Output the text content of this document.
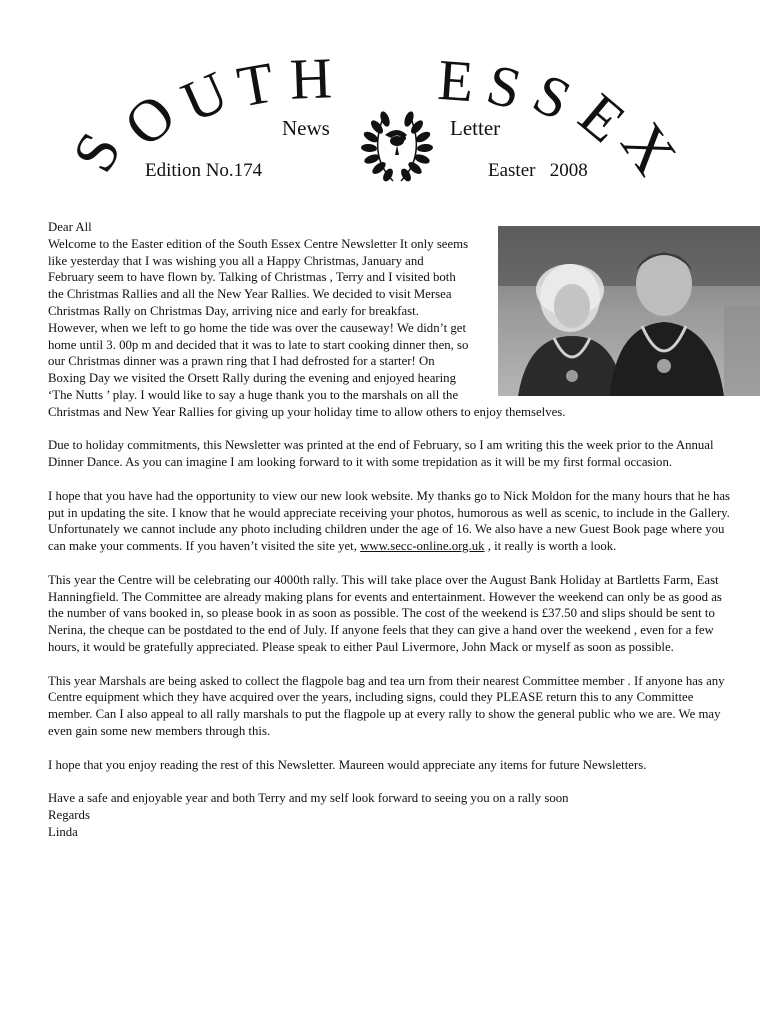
S
O
U
T H E S
S
E
X
News	Letter
Edition No.174	Easter   2008
Dear All

Welcome to the Easter edition of the South Essex Centre Newsletter It only seems like yesterday that I was wishing you all a Happy Christmas, January and February seem to have flown by. Talking of Christmas , Terry and I visited both the Christmas Rallies and all the New Year Rallies. We decided to visit Mersea Christmas Rally on Christmas Day, arriving nice and early for breakfast. However, when we left to go home the tide was over the causeway! We didn’t get home until 3. 00p m and decided that it was to late to start cooking dinner then, so our Christmas dinner was a prawn ring that I had defrosted for a starter! On Boxing Day we visited the Orsett Rally during the evening and enjoyed hearing ‘The Nutts ’ play. I would like to say a huge thank you to the marshals on all the Christmas and New Year Rallies for giving up your holiday time to allow others to enjoy themselves.

Due to holiday commitments, this Newsletter was printed at the end of February, so I am writing this the week prior to the Annual Dinner Dance. As you can imagine I am looking forward to it with some trepidation as it will be my first formal occasion.

I hope that you have had the opportunity to view our new look website. My thanks go to Nick Moldon for the many hours that he has put in updating the site. I know that he would appreciate receiving your photos, humorous as well as scenic, to include in the Gallery. Unfortunately we cannot include any photo including children under the age of 16. We also have a new Guest Book page where you can make your comments. If you haven’t visited the site yet, www.secc-online.org.uk , it really is worth a look.

This year the Centre will be celebrating our 4000th rally. This will take place over the August Bank Holiday at Bartletts Farm, East Hanningfield. The Committee are already making plans for events and entertainment. However the weekend can only be as good as the number of vans booked in, so please book in as soon as possible. The cost of the weekend is £37.50 and slips should be sent to Nerina, the cheque can be postdated to the end of July. If anyone feels that they can give a hand over the weekend , even for a few hours, it would be gratefully appreciated. Please speak to either Paul Livermore, John Mack or myself as soon as possible.

This year Marshals are being asked to collect the flagpole bag and tea urn from their nearest Committee member . If anyone has any Centre equipment which they have acquired over the years, including signs, could they PLEASE return this to any Committee member. Can I also appeal to all rally marshals to put the flagpole up at every rally to show the general public who we are. We may even gain some new members through this.

I hope that you enjoy reading the rest of this Newsletter. Maureen would appreciate any items for future Newsletters.

Have a safe and enjoyable year and both Terry and my self look forward to seeing you on a rally soon
Regards
Linda
